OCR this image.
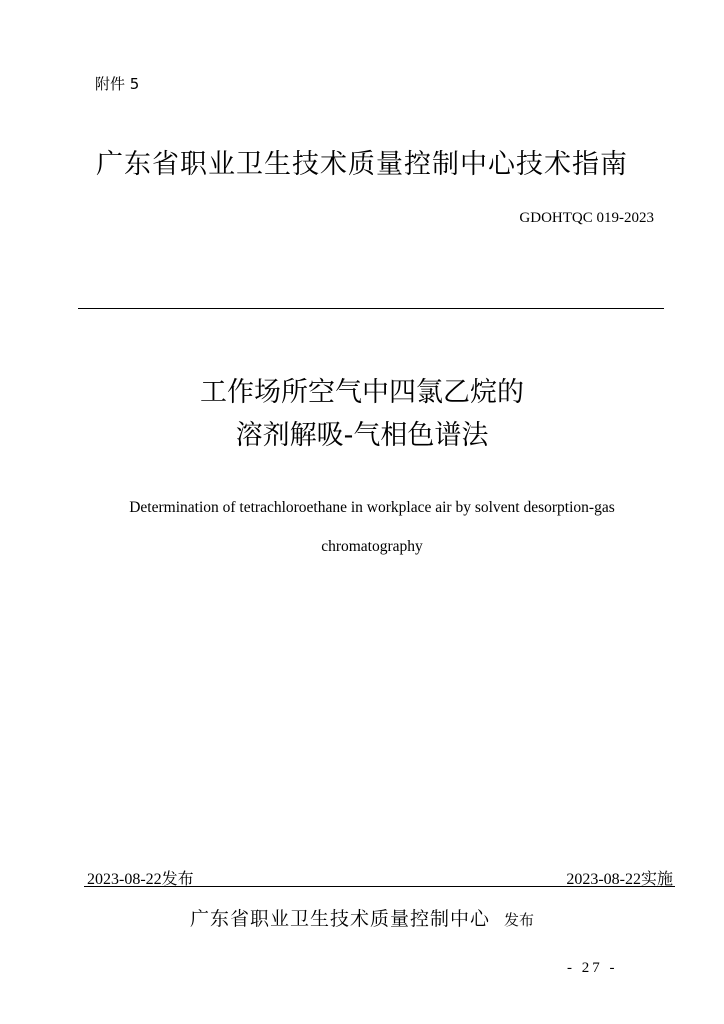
附件 5
广东省职业卫生技术质量控制中心技术指南
GDOHTQC 019-2023
工作场所空气中四氯乙烷的
溶剂解吸-气相色谱法
Determination of tetrachloroethane in workplace air by solvent desorption-gas
chromatography
2023-08-22发布	2023-08-22实施
广东省职业卫生技术质量控制中心 发布
- 27 -
